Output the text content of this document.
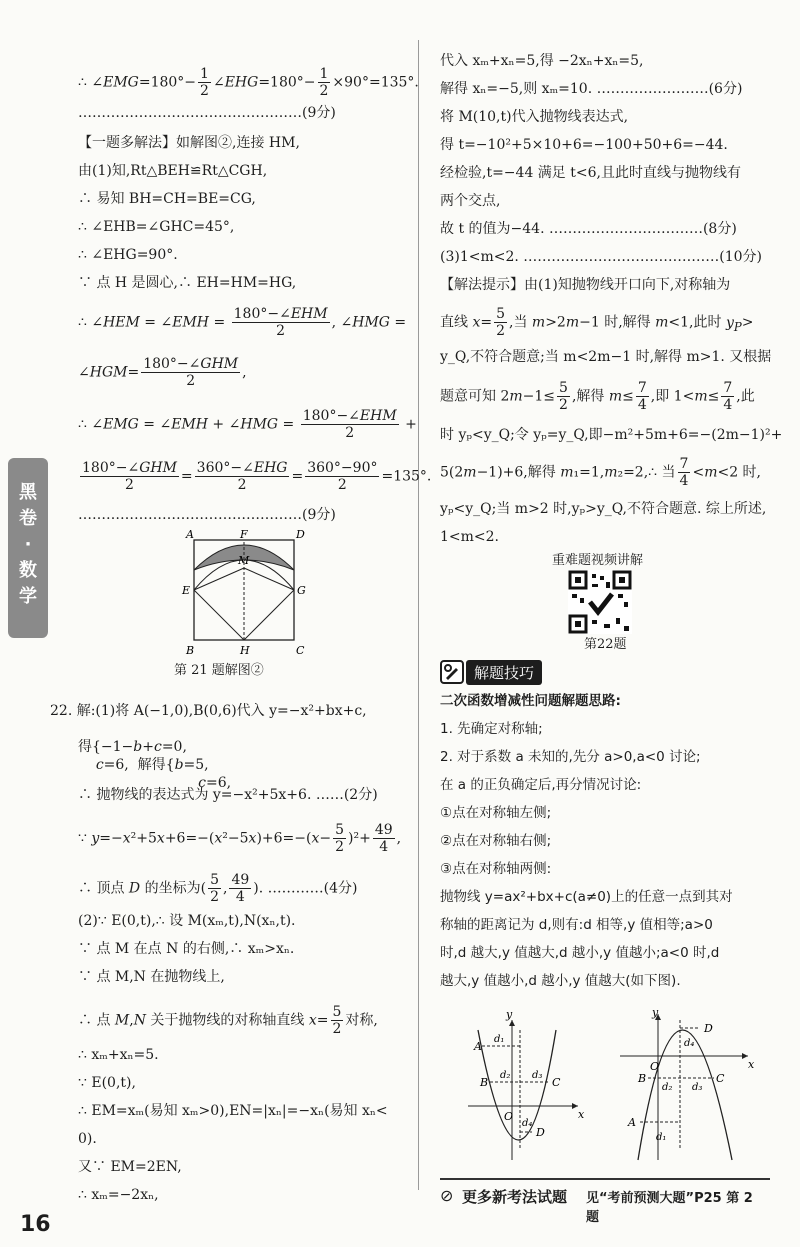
黑卷·数学
16
∴ ∠EMG=180°− $\frac{1}{2}$ ∠EHG=180°− $\frac{1}{2} \times 90^\circ=135^\circ$.
…………………………………………(9分)
【一题多解法】如解图②,连接 HM,
由(1)知,Rt△BEH≌Rt△CGH,
∴ 易知 BH=CH=BE=CG,
∴ ∠EHB=∠GHC=45°,
∴ ∠EHG=90°.
∵ 点 H 是圆心,∴ EH=HM=HG,
∴ ∠HEM = ∠EMH = $\frac{\text{180°−∠EHM}}{2}$ , ∠HMG =
∠HGM= $\frac{\text{180°−∠GHM}}{2}$ ,
∴ ∠EMG = ∠EMH + ∠HMG = $\frac{\text{180°−∠EHM}}{2}$ +
$\frac{\text{180°−∠GHM}}{2} = \frac{\text{360°−∠EHG}}{2} = \frac{360^\circ-90^\circ}{2} =135^\circ$.
…………………………………………(9分)
A	F	D
M
E	G
B	H	C
第 21 题解图②
22. 解:(1)将 A(−1,0),B(0,6)代入 y=−x²+bx+c,
得{−1−b+c=0,
c=6,  解得{b=5,
c=6,
∴ 抛物线的表达式为 y=−x²+5x+6. ……(2分)
∵ $y=-x^2+5x+6=-(x^2-5x)+6=-(x- \frac{5}{2} )^2+ \frac{49}{4}$ ,
∴ 顶点 D 的坐标为( $\frac{5}{2}$ , $\frac{49}{4}$ ). …………(4分)
(2)∵ E(0,t),∴ 设 M(xₘ,t),N(xₙ,t).
∵ 点 M 在点 N 的右侧,∴ xₘ>xₙ.
∵ 点 M,N 在抛物线上,
∴ 点 M,N 关于抛物线的对称轴直线 $x= \frac{5}{2}$ 对称,
∴ xₘ+xₙ=5.
∵ E(0,t),
∴ EM=xₘ(易知 xₘ>0),EN=|xₙ|=−xₙ(易知 xₙ<
0).
又∵ EM=2EN,
∴ xₘ=−2xₙ,
代入 xₘ+xₙ=5,得 −2xₙ+xₙ=5,
解得 xₙ=−5,则 xₘ=10. ……………………(6分)
将 M(10,t)代入抛物线表达式,
得 t=−10²+5×10+6=−100+50+6=−44.
经检验,t=−44 满足 t<6,且此时直线与抛物线有
两个交点,
故 t 的值为−44. ……………………………(8分)
(3)1<m<2. ……………………………………(10分)
【解法提示】由(1)知抛物线开口向下,对称轴为
直线 $x= \frac{5}{2}$ ,当 m>2m−1 时,解得 m<1,此时 $y_P>$
y_Q,不符合题意;当 m<2m−1 时,解得 m>1. 又根据
题意可知 $2m-1\le \frac{5}{2}$ ,解得 $m\le \frac{7}{4}$ ,即 $1<m\le \frac{7}{4}$ ,此
时 yₚ<y_Q;令 yₚ=y_Q,即−m²+5m+6=−(2m−1)²+
5(2m−1)+6,解得 m₁=1,m₂=2,∴ 当 $\frac{7}{4} <m<2$ 时,
yₚ<y_Q;当 m>2 时,yₚ>y_Q,不符合题意. 综上所述,
1<m<2.
重难题视频讲解
第22题
解题技巧
二次函数增减性问题解题思路:
1. 先确定对称轴;
2. 对于系数 a 未知的,先分 a>0,a<0 讨论;
在 a 的正负确定后,再分情况讨论:
①点在对称轴左侧;
②点在对称轴右侧;
③点在对称轴两侧:
抛物线 y=ax²+bx+c(a≠0)上的任意一点到其对
称轴的距离记为 d,则有:d 相等,y 值相等;a>0
时,d 越大,y 值越大,d 越小,y 值越小;a<0 时,d
越大,y 值越小,d 越小,y 值越大(如下图).
A
B	C
D
O
y
x
d₁
d₂ d₃
d₄
D
B	C
A
O
y
x
d₄
d₂ d₃
d₁
⊘ 更多新考法试题 见“考前预测大题”P25 第 2 题
